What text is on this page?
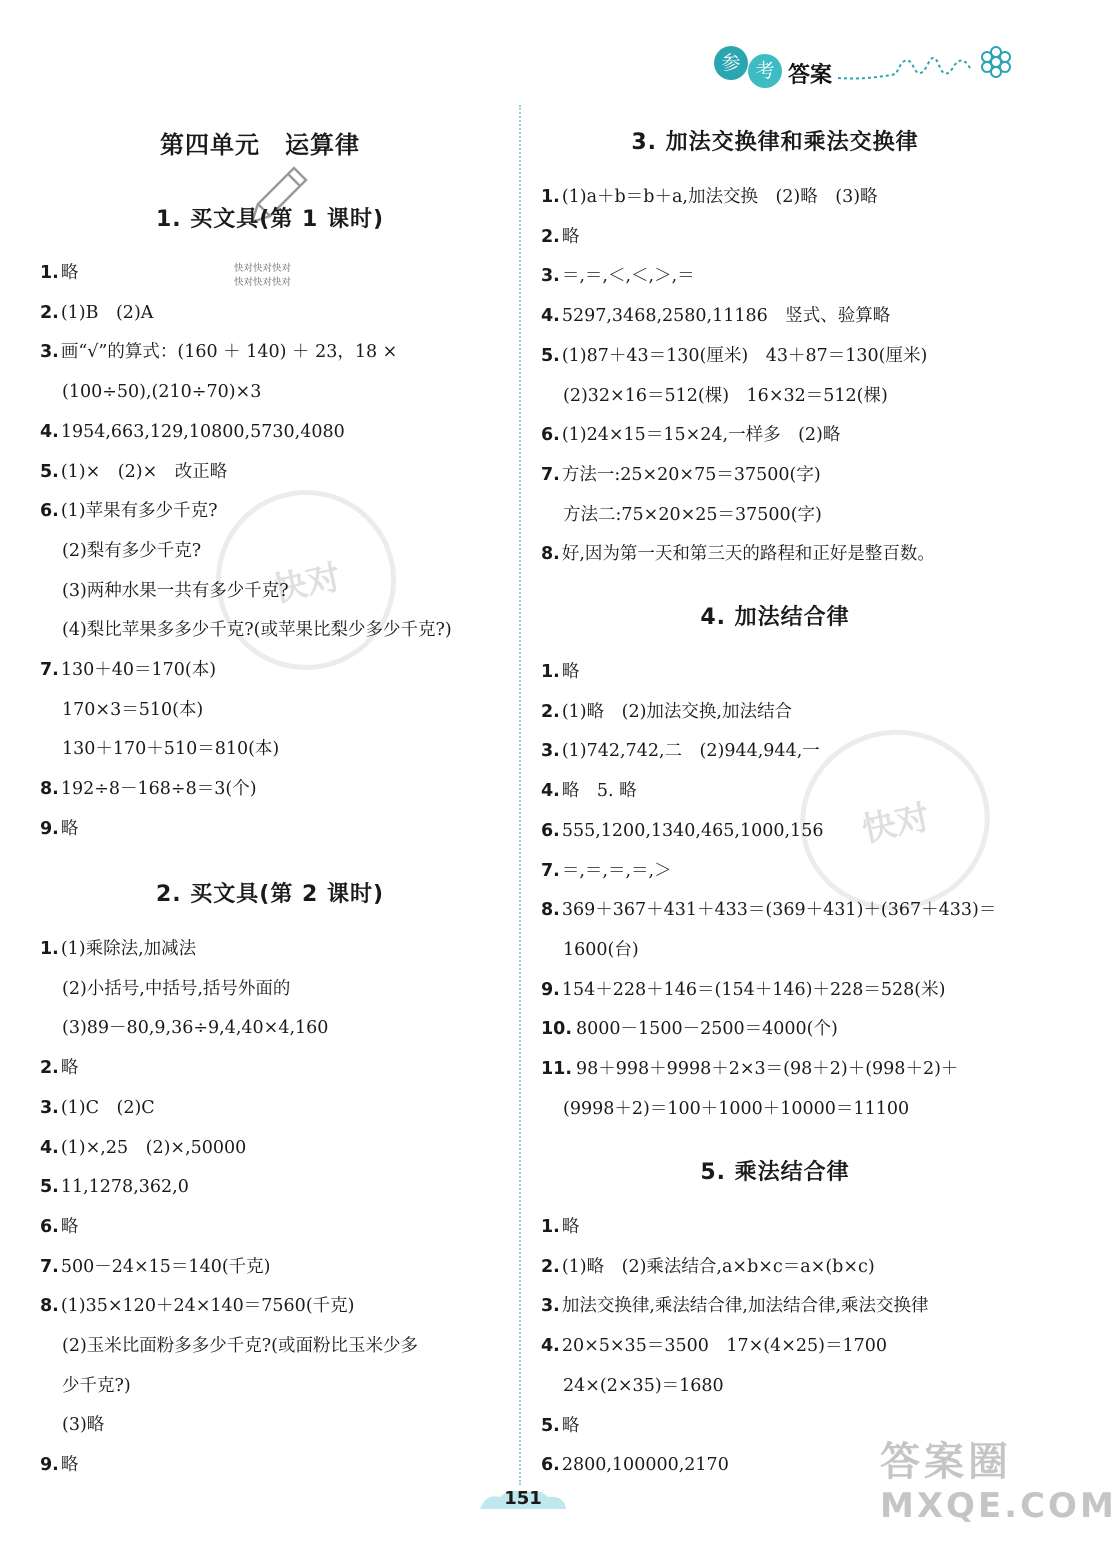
参 考 答案
快对
快对
快对快对快对
快对快对快对
第四单元　运算律
1. 买文具(第 1 课时)
1. 略
2. (1)B　(2)A
3. 画“√”的算式：(160 ＋ 140) ＋ 23，18 ×
(100÷50),(210÷70)×3
4. 1954,663,129,10800,5730,4080
5. (1)×　(2)×　改正略
6. (1)苹果有多少千克?
(2)梨有多少千克?
(3)两种水果一共有多少千克?
(4)梨比苹果多多少千克?(或苹果比梨少多少千克?)
7. 130＋40＝170(本)
170×3＝510(本)
130＋170＋510＝810(本)
8. 192÷8－168÷8＝3(个)
9. 略
2. 买文具(第 2 课时)
1. (1)乘除法,加减法
(2)小括号,中括号,括号外面的
(3)89－80,9,36÷9,4,40×4,160
2. 略
3. (1)C　(2)C
4. (1)×,25　(2)×,50000
5. 11,1278,362,0
6. 略
7. 500－24×15＝140(千克)
8. (1)35×120＋24×140＝7560(千克)
(2)玉米比面粉多多少千克?(或面粉比玉米少多
少千克?)
(3)略
9. 略
3. 加法交换律和乘法交换律
1. (1)a＋b＝b＋a,加法交换　(2)略　(3)略
2. 略
3. ＝,＝,＜,＜,＞,＝
4. 5297,3468,2580,11186　竖式、验算略
5. (1)87＋43＝130(厘米)　43＋87＝130(厘米)
(2)32×16＝512(棵)　16×32＝512(棵)
6. (1)24×15＝15×24,一样多　(2)略
7. 方法一:25×20×75＝37500(字)
方法二:75×20×25＝37500(字)
8. 好,因为第一天和第三天的路程和正好是整百数。
4. 加法结合律
1. 略
2. (1)略　(2)加法交换,加法结合
3. (1)742,742,二　(2)944,944,一
4. 略　5. 略
6. 555,1200,1340,465,1000,156
7. ＝,＝,＝,＝,＞
8. 369＋367＋431＋433＝(369＋431)＋(367＋433)＝
1600(台)
9. 154＋228＋146＝(154＋146)＋228＝528(米)
10. 8000－1500－2500＝4000(个)
11. 98＋998＋9998＋2×3＝(98＋2)＋(998＋2)＋
(9998＋2)＝100＋1000＋10000＝11100
5. 乘法结合律
1. 略
2. (1)略　(2)乘法结合,a×b×c＝a×(b×c)
3. 加法交换律,乘法结合律,加法结合律,乘法交换律
4. 20×5×35＝3500　17×(4×25)＝1700
24×(2×35)＝1680
5. 略
6. 2800,100000,2170
151
答案圈
MXQE.COM
